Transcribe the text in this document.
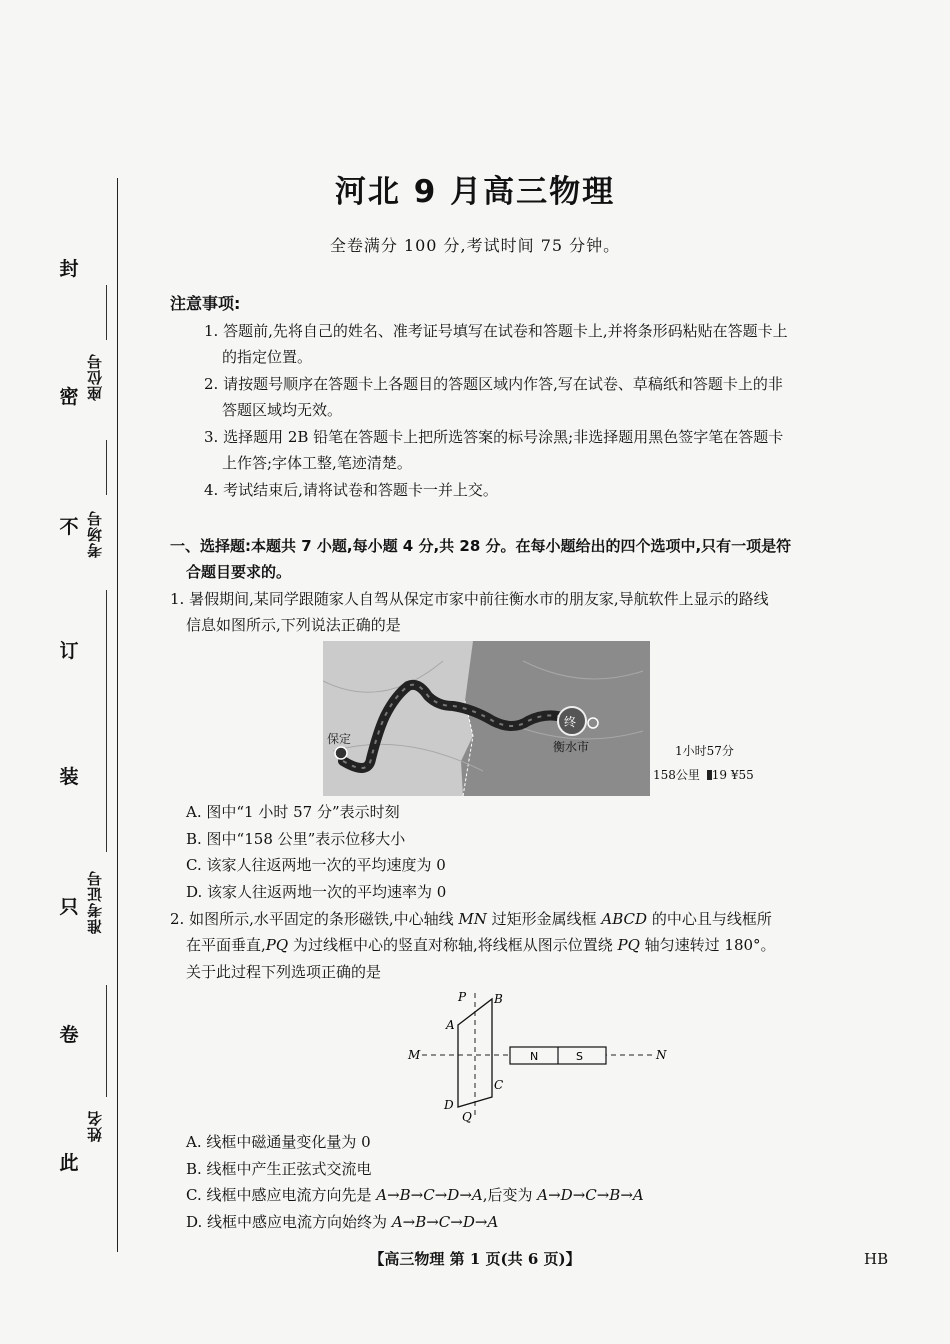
封
密
不
订
装
只
卷
此
座位号
考场号
准考证号
姓名
河北 9 月高三物理
全卷满分 100 分,考试时间 75 分钟。
注意事项:
1. 答题前,先将自己的姓名、准考证号填写在试卷和答题卡上,并将条形码粘贴在答题卡上
的指定位置。
2. 请按题号顺序在答题卡上各题目的答题区域内作答,写在试卷、草稿纸和答题卡上的非
答题区域均无效。
3. 选择题用 2B 铅笔在答题卡上把所选答案的标号涂黑;非选择题用黑色签字笔在答题卡
上作答;字体工整,笔迹清楚。
4. 考试结束后,请将试卷和答题卡一并上交。
一、选择题:本题共 7 小题,每小题 4 分,共 28 分。在每小题给出的四个选项中,只有一项是符
合题目要求的。
1. 暑假期间,某同学跟随家人自驾从保定市家中前往衡水市的朋友家,导航软件上显示的路线
信息如图所示,下列说法正确的是
保定
终
衡水市	1小时57分
158公里 19 ¥55
A. 图中“1 小时 57 分”表示时刻
B. 图中“158 公里”表示位移大小
C. 该家人往返两地一次的平均速度为 0
D. 该家人往返两地一次的平均速率为 0
2. 如图所示,水平固定的条形磁铁,中心轴线 MN 过矩形金属线框 ABCD 的中心且与线框所
在平面垂直,PQ 为过线框中心的竖直对称轴,将线框从图示位置绕 PQ 轴匀速转过 180°。
关于此过程下列选项正确的是
N	S
P
Q
A
B
C
D
M	N
A. 线框中磁通量变化量为 0
B. 线框中产生正弦式交流电
C. 线框中感应电流方向先是 A→B→C→D→A,后变为 A→D→C→B→A
D. 线框中感应电流方向始终为 A→B→C→D→A
【高三物理 第 1 页(共 6 页)】	HB
